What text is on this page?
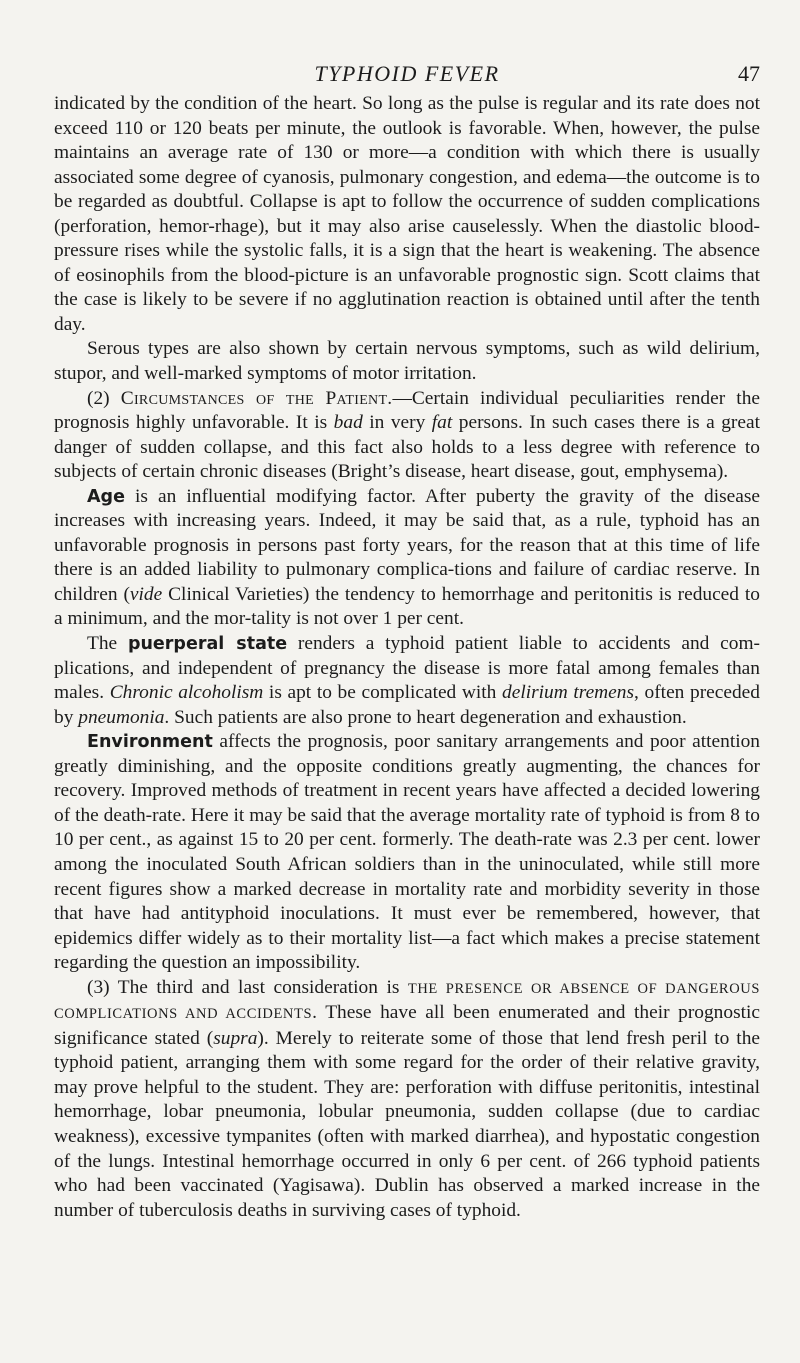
TYPHOID FEVER	47

indicated by the condition of the heart. So long as the pulse is regular and its rate does not exceed 110 or 120 beats per minute, the outlook is favorable. When, however, the pulse maintains an average rate of 130 or more—a condition with which there is usually associated some degree of cyanosis, pulmonary congestion, and edema—the outcome is to be regarded as doubtful. Collapse is apt to follow the occurrence of sudden complications (perforation, hemor-rhage), but it may also arise causelessly. When the diastolic blood-pressure rises while the systolic falls, it is a sign that the heart is weakening. The absence of eosinophils from the blood-picture is an unfavorable prognostic sign. Scott claims that the case is likely to be severe if no agglutination reaction is obtained until after the tenth day.

Serous types are also shown by certain nervous symptoms, such as wild delirium, stupor, and well-marked symptoms of motor irritation.

(2) Circumstances of the Patient.—Certain individual peculiarities render the prognosis highly unfavorable. It is bad in very fat persons. In such cases there is a great danger of sudden collapse, and this fact also holds to a less degree with reference to subjects of certain chronic diseases (Bright’s disease, heart disease, gout, emphysema).

Age is an influential modifying factor. After puberty the gravity of the disease increases with increasing years. Indeed, it may be said that, as a rule, typhoid has an unfavorable prognosis in persons past forty years, for the reason that at this time of life there is an added liability to pulmonary complica-tions and failure of cardiac reserve. In children (vide Clinical Varieties) the tendency to hemorrhage and peritonitis is reduced to a minimum, and the mor-tality is not over 1 per cent.

The puerperal state renders a typhoid patient liable to accidents and com-plications, and independent of pregnancy the disease is more fatal among females than males. Chronic alcoholism is apt to be complicated with delirium tremens, often preceded by pneumonia. Such patients are also prone to heart degeneration and exhaustion.

Environment affects the prognosis, poor sanitary arrangements and poor attention greatly diminishing, and the opposite conditions greatly augmenting, the chances for recovery. Improved methods of treatment in recent years have affected a decided lowering of the death-rate. Here it may be said that the average mortality rate of typhoid is from 8 to 10 per cent., as against 15 to 20 per cent. formerly. The death-rate was 2.3 per cent. lower among the inoculated South African soldiers than in the uninoculated, while still more recent figures show a marked decrease in mortality rate and morbidity severity in those that have had antityphoid inoculations. It must ever be remembered, however, that epidemics differ widely as to their mortality list—a fact which makes a precise statement regarding the question an impossibility.

(3) The third and last consideration is THE PRESENCE OR ABSENCE OF DANGEROUS COMPLICATIONS AND ACCIDENTS. These have all been enumerated and their prognostic significance stated (supra). Merely to reiterate some of those that lend fresh peril to the typhoid patient, arranging them with some regard for the order of their relative gravity, may prove helpful to the student. They are: perforation with diffuse peritonitis, intestinal hemorrhage, lobar pneumonia, lobular pneumonia, sudden collapse (due to cardiac weakness), excessive tympanites (often with marked diarrhea), and hypostatic congestion of the lungs. Intestinal hemorrhage occurred in only 6 per cent. of 266 typhoid patients who had been vaccinated (Yagisawa). Dublin has observed a marked increase in the number of tuberculosis deaths in surviving cases of typhoid.
